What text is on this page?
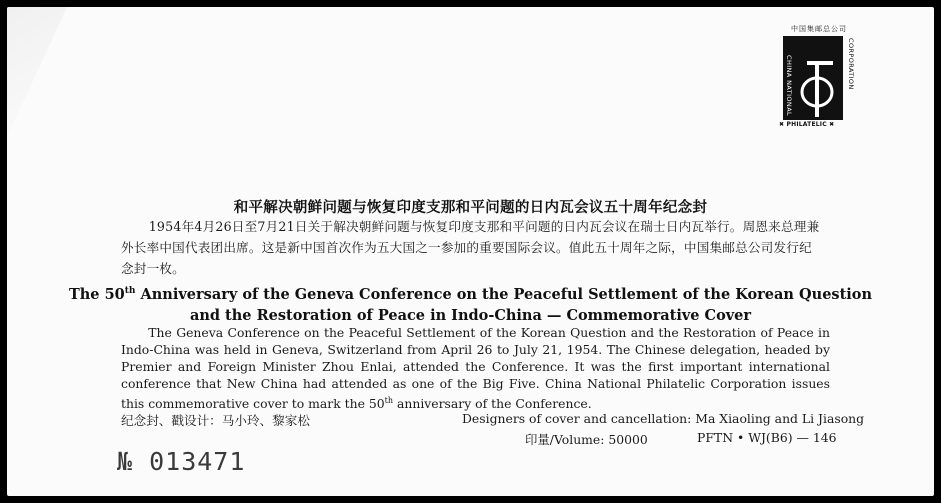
中国集邮总公司
CHINA NATIONAL	CORPORATION
✖ PHILATELIC ✖
和平解决朝鲜问题与恢复印度支那和平问题的日内瓦会议五十周年纪念封
1954年4月26日至7月21日关于解决朝鲜问题与恢复印度支那和平问题的日内瓦会议在瑞士日内瓦举行。周恩来总理兼外长率中国代表团出席。这是新中国首次作为五大国之一参加的重要国际会议。值此五十周年之际，中国集邮总公司发行纪念封一枚。
The 50th Anniversary of the Geneva Conference on the Peaceful Settlement of the Korean Question
and the Restoration of Peace in Indo-China — Commemorative Cover
The Geneva Conference on the Peaceful Settlement of the Korean Question and the Restoration of Peace in Indo-China was held in Geneva, Switzerland from April 26 to July 21, 1954. The Chinese delegation, headed by Premier and Foreign Minister Zhou Enlai, attended the Conference. It was the first important international conference that New China had attended as one of the Big Five. China National Philatelic Corporation issues this commemorative cover to mark the 50th anniversary of the Conference.
纪念封、戳设计：马小玲、黎家松	Designers of cover and cancellation: Ma Xiaoling and Li Jiasong
印量/Volume: 50000	PFTN • WJ(B6) — 146
№ 013471
